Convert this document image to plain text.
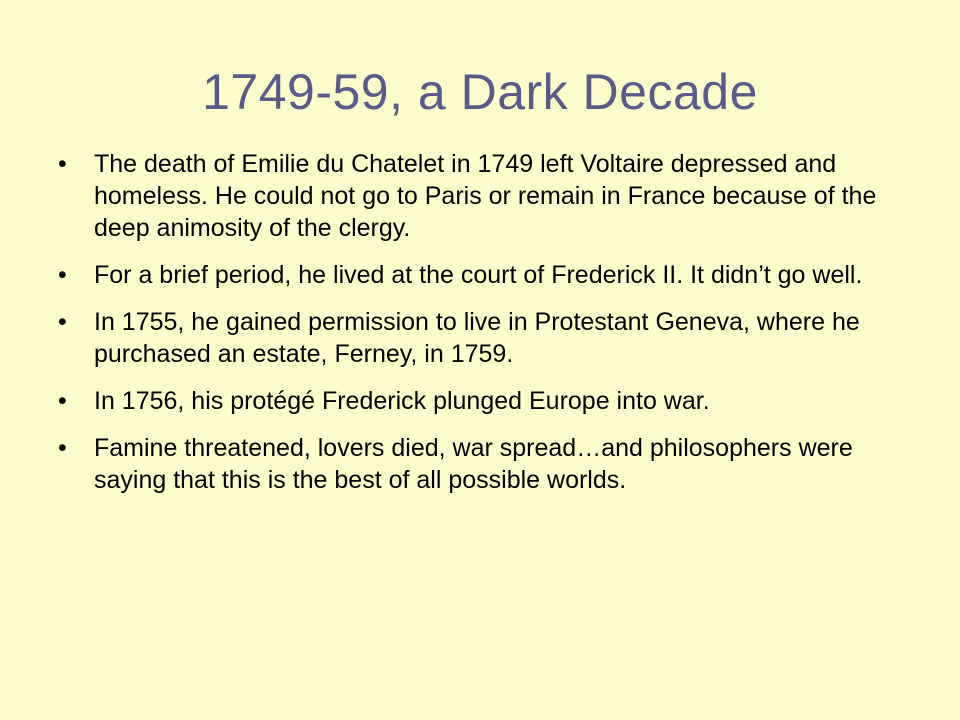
1749-59, a Dark Decade
•	The death of Emilie du Chatelet in 1749 left Voltaire depressed and homeless. He could not go to Paris or remain in France because of the deep animosity of the clergy.
•	For a brief period, he lived at the court of Frederick II. It didn’t go well.
•	In 1755, he gained permission to live in Protestant Geneva, where he purchased an estate, Ferney, in 1759.
•	In 1756, his protégé Frederick plunged Europe into war.
•	Famine threatened, lovers died, war spread…and philosophers were saying that this is the best of all possible worlds.
